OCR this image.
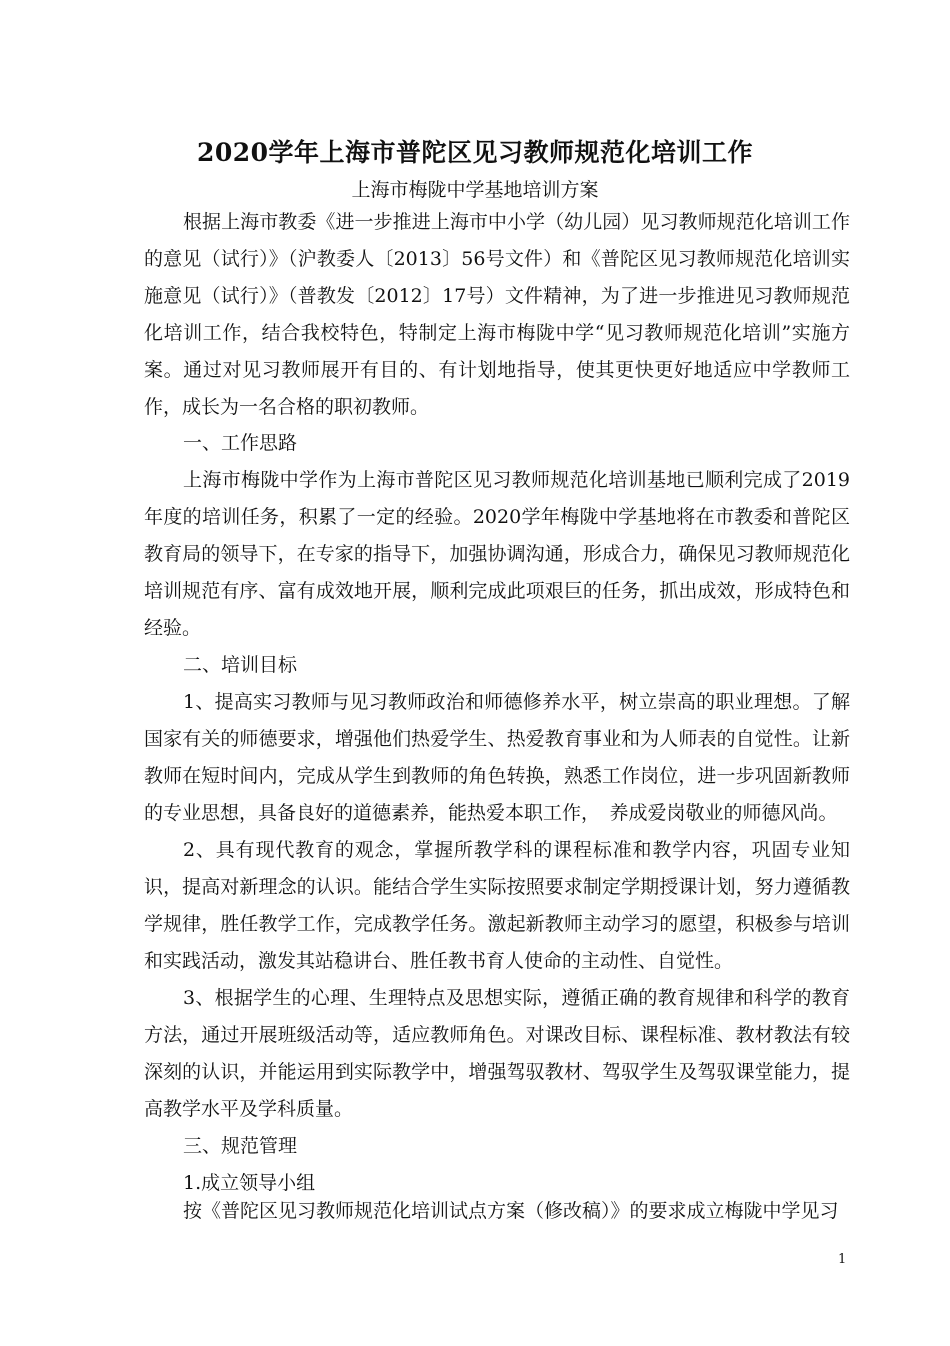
2020学年上海市普陀区见习教师规范化培训工作
上海市梅陇中学基地培训方案
根据上海市教委《进一步推进上海市中小学（幼儿园）见习教师规范化培训工作的意见（试行）》（沪教委人〔2013〕56号文件）和《普陀区见习教师规范化培训实施意见（试行）》（普教发〔2012〕17号）文件精神，为了进一步推进见习教师规范化培训工作，结合我校特色，特制定上海市梅陇中学“见习教师规范化培训”实施方案。通过对见习教师展开有目的、有计划地指导，使其更快更好地适应中学教师工作，成长为一名合格的职初教师。
一、工作思路
上海市梅陇中学作为上海市普陀区见习教师规范化培训基地已顺利完成了2019年度的培训任务，积累了一定的经验。2020学年梅陇中学基地将在市教委和普陀区教育局的领导下，在专家的指导下，加强协调沟通，形成合力，确保见习教师规范化培训规范有序、富有成效地开展，顺利完成此项艰巨的任务，抓出成效，形成特色和经验。
二、培训目标
1、提高实习教师与见习教师政治和师德修养水平，树立崇高的职业理想。了解国家有关的师德要求，增强他们热爱学生、热爱教育事业和为人师表的自觉性。让新教师在短时间内，完成从学生到教师的角色转换，熟悉工作岗位，进一步巩固新教师的专业思想，具备良好的道德素养，能热爱本职工作，　养成爱岗敬业的师德风尚。
2、具有现代教育的观念，掌握所教学科的课程标准和教学内容，巩固专业知识，提高对新理念的认识。能结合学生实际按照要求制定学期授课计划，努力遵循教学规律，胜任教学工作，完成教学任务。激起新教师主动学习的愿望，积极参与培训和实践活动，激发其站稳讲台、胜任教书育人使命的主动性、自觉性。
3、根据学生的心理、生理特点及思想实际，遵循正确的教育规律和科学的教育方法，通过开展班级活动等，适应教师角色。对课改目标、课程标准、教材教法有较深刻的认识，并能运用到实际教学中，增强驾驭教材、驾驭学生及驾驭课堂能力，提高教学水平及学科质量。
三、规范管理
1.成立领导小组
按《普陀区见习教师规范化培训试点方案（修改稿）》的要求成立梅陇中学见习
1
